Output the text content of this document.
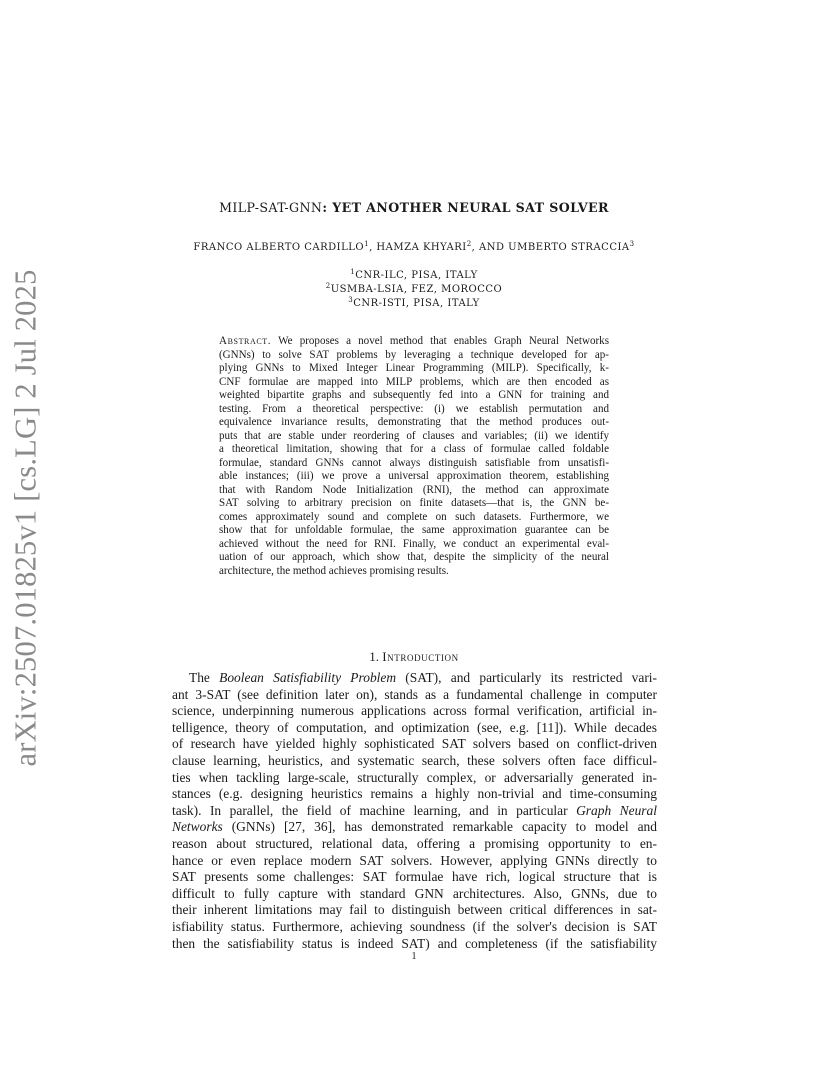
arXiv:2507.01825v1 [cs.LG] 2 Jul 2025
MILP-SAT-GNN: YET ANOTHER NEURAL SAT SOLVER
FRANCO ALBERTO CARDILLO$^1$, HAMZA KHYARI$^2$, AND UMBERTO STRACCIA$^3$
$^1$CNR-ILC, PISA, ITALY
$^2$USMBA-LSIA, FEZ, MOROCCO
$^3$CNR-ISTI, PISA, ITALY
Abstract. We proposes a novel method that enables Graph Neural Networks
(GNNs) to solve SAT problems by leveraging a technique developed for ap-
plying GNNs to Mixed Integer Linear Programming (MILP). Specifically, k-
CNF formulae are mapped into MILP problems, which are then encoded as
weighted bipartite graphs and subsequently fed into a GNN for training and
testing. From a theoretical perspective: (i) we establish permutation and
equivalence invariance results, demonstrating that the method produces out-
puts that are stable under reordering of clauses and variables; (ii) we identify
a theoretical limitation, showing that for a class of formulae called foldable
formulae, standard GNNs cannot always distinguish satisfiable from unsatisfi-
able instances; (iii) we prove a universal approximation theorem, establishing
that with Random Node Initialization (RNI), the method can approximate
SAT solving to arbitrary precision on finite datasets—that is, the GNN be-
comes approximately sound and complete on such datasets. Furthermore, we
show that for unfoldable formulae, the same approximation guarantee can be
achieved without the need for RNI. Finally, we conduct an experimental eval-
uation of our approach, which show that, despite the simplicity of the neural
architecture, the method achieves promising results.
1. Introduction
The Boolean Satisfiability Problem (SAT), and particularly its restricted vari-
ant 3-SAT (see definition later on), stands as a fundamental challenge in computer
science, underpinning numerous applications across formal verification, artificial in-
telligence, theory of computation, and optimization (see, e.g. [11]). While decades
of research have yielded highly sophisticated SAT solvers based on conflict-driven
clause learning, heuristics, and systematic search, these solvers often face difficul-
ties when tackling large-scale, structurally complex, or adversarially generated in-
stances (e.g. designing heuristics remains a highly non-trivial and time-consuming
task). In parallel, the field of machine learning, and in particular Graph Neural
Networks (GNNs) [27, 36], has demonstrated remarkable capacity to model and
reason about structured, relational data, offering a promising opportunity to en-
hance or even replace modern SAT solvers. However, applying GNNs directly to
SAT presents some challenges: SAT formulae have rich, logical structure that is
difficult to fully capture with standard GNN architectures. Also, GNNs, due to
their inherent limitations may fail to distinguish between critical differences in sat-
isfiability status. Furthermore, achieving soundness (if the solver's decision is SAT
then the satisfiability status is indeed SAT) and completeness (if the satisfiability
1
